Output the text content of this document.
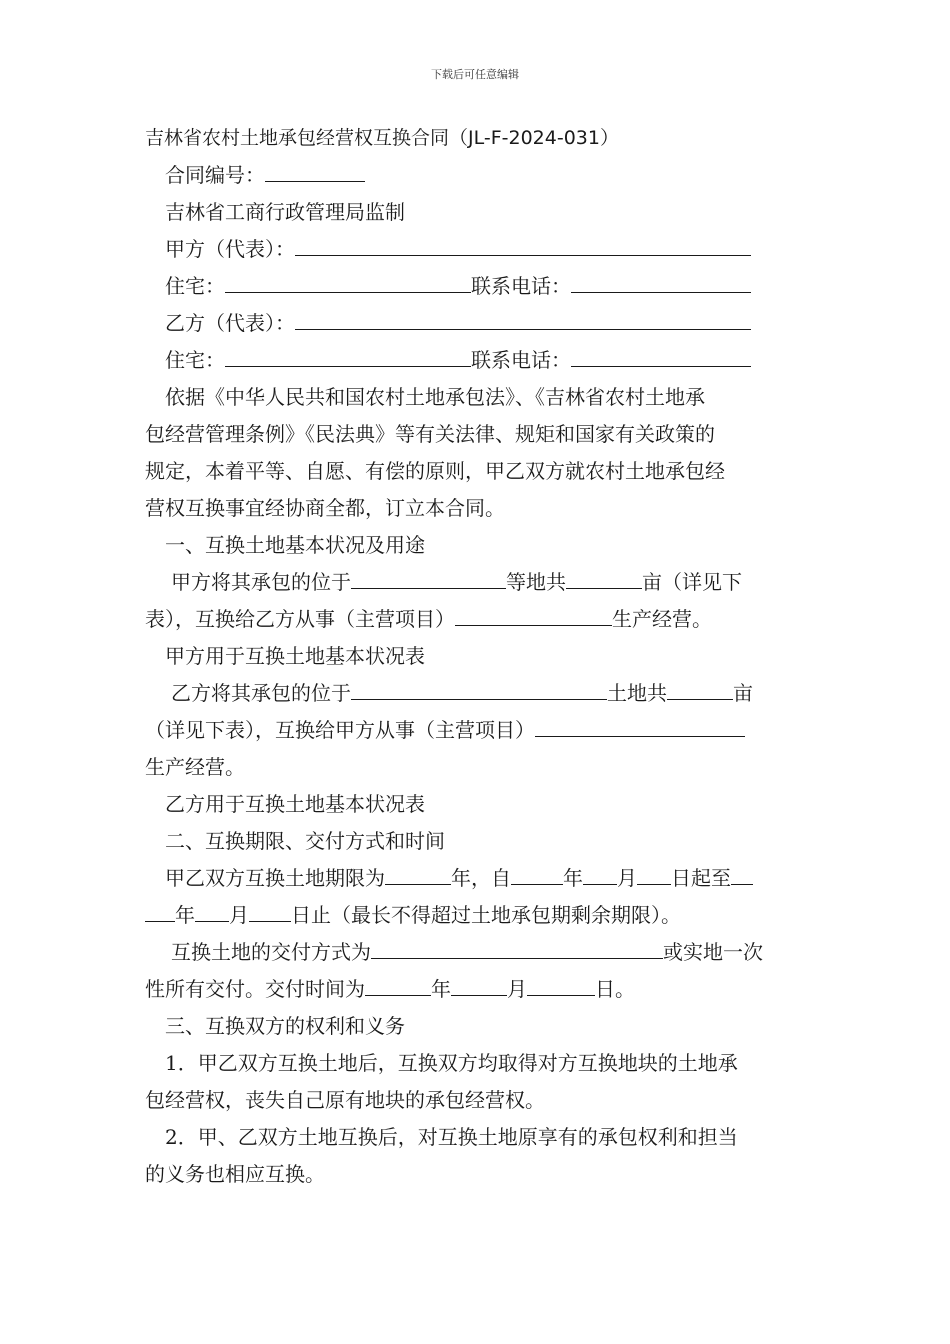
下载后可任意编辑
吉林省农村土地承包经营权互换合同（JL-F-2024-031）
合同编号：
吉林省工商行政管理局监制
甲方（代表）：
住宅：	联系电话：
乙方（代表）：
住宅：	联系电话：
依据《中华人民共和国农村土地承包法》、《吉林省农村土地承
包经营管理条例》《民法典》等有关法律、规矩和国家有关政策的
规定，本着平等、自愿、有偿的原则，甲乙双方就农村土地承包经
营权互换事宜经协商全都，订立本合同。
一、互换土地基本状况及用途
甲方将其承包的位于	等地共	亩（详见下
表），互换给乙方从事（主营项目）	生产经营。
甲方用于互换土地基本状况表
乙方将其承包的位于	土地共	亩
（详见下表），互换给甲方从事（主营项目）
生产经营。
乙方用于互换土地基本状况表
二、互换期限、交付方式和时间
甲乙双方互换土地期限为	年，自	年 月 日起至
年 月 日止（最长不得超过土地承包期剩余期限）。
互换土地的交付方式为	或实地一次
性所有交付。交付时间为	年	月	日。
三、互换双方的权利和义务
1．甲乙双方互换土地后，互换双方均取得对方互换地块的土地承
包经营权，丧失自己原有地块的承包经营权。
2．甲、乙双方土地互换后，对互换土地原享有的承包权利和担当
的义务也相应互换。
